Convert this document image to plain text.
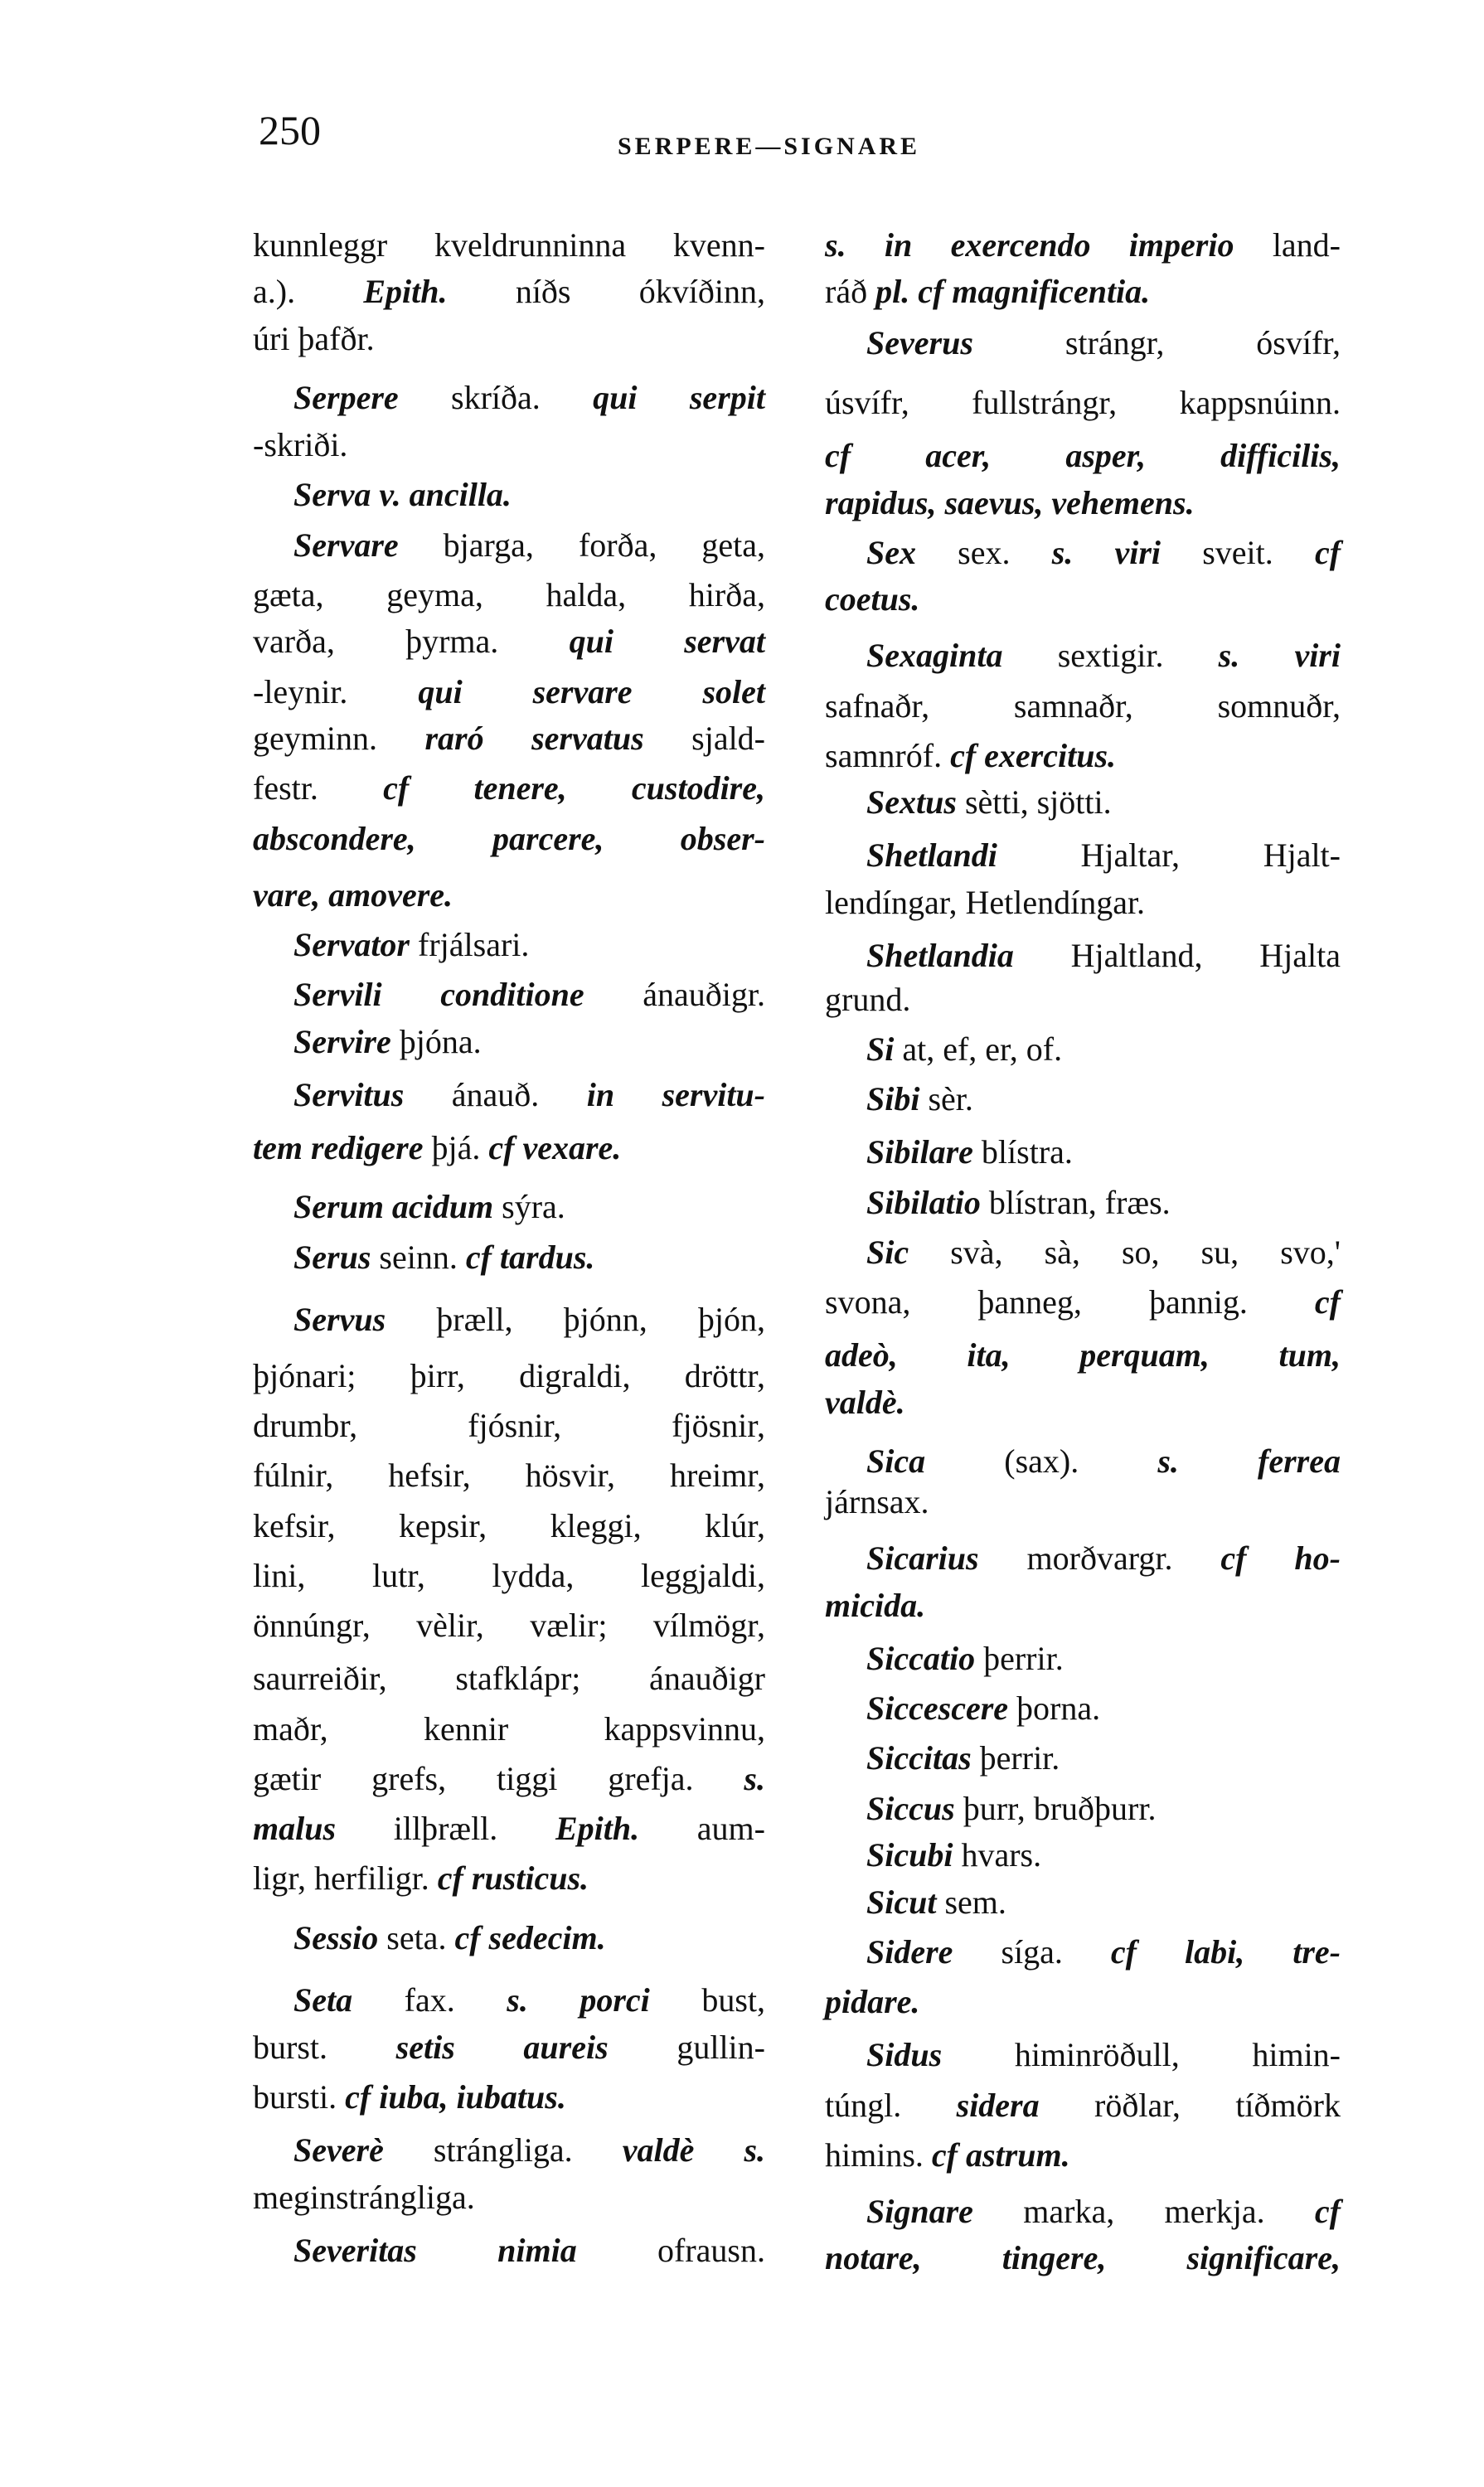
250	SERPERE—SIGNARE
kunnleggr kveldrunninna kvenn-
a.). Epith. níðs ókvíðinn,
úri þafðr.
Serpere skríða. qui serpit
-skriði.
Serva v. ancilla.
Servare bjarga, forða, geta,
gæta, geyma, halda, hirða,
varða, þyrma. qui servat
-leynir. qui servare solet
geyminn. raró servatus sjald-
festr. cf tenere, custodire,
abscondere, parcere, obser-
vare, amovere.
Servator frjálsari.
Servili conditione ánauðigr.
Servire þjóna.
Servitus ánauð. in servitu-
tem redigere þjá. cf vexare.
Serum acidum sýra.
Serus seinn. cf tardus.
Servus þræll, þjónn, þjón,
þjónari; þirr, digraldi, dröttr,
drumbr, fjósnir, fjösnir,
fúlnir, hefsir, hösvir, hreimr,
kefsir, kepsir, kleggi, klúr,
lini, lutr, lydda, leggjaldi,
önnúngr, vèlir, vælir; vílmögr,
saurreiðir, stafklápr; ánauðigr
maðr, kennir kappsvinnu,
gætir grefs, tiggi grefja. s.
malus illþræll. Epith. aum-
ligr, herfiligr. cf rusticus.
Sessio seta. cf sedecim.
Seta fax. s. porci bust,
burst. setis aureis gullin-
bursti. cf iuba, iubatus.
Severè strángliga. valdè s.
meginstrángliga.
Severitas nimia ofrausn.
s. in exercendo imperio land-
ráð pl. cf magnificentia.
Severus strángr, ósvífr,
úsvífr, fullstrángr, kappsnúinn.
cf acer, asper, difficilis,
rapidus, saevus, vehemens.
Sex sex. s. viri sveit. cf
coetus.
Sexaginta sextigir. s. viri
safnaðr, samnaðr, somnuðr,
samnróf. cf exercitus.
Sextus sètti, sjötti.
Shetlandi Hjaltar, Hjalt-
lendíngar, Hetlendíngar.
Shetlandia Hjaltland, Hjalta
grund.
Si at, ef, er, of.
Sibi sèr.
Sibilare blístra.
Sibilatio blístran, fræs.
Sic svà, sà, so, su, svo,'
svona, þanneg, þannig. cf
adeò, ita, perquam, tum,
valdè.
Sica (sax). s. ferrea
járnsax.
Sicarius morðvargr. cf ho-
micida.
Siccatio þerrir.
Siccescere þorna.
Siccitas þerrir.
Siccus þurr, bruðþurr.
Sicubi hvars.
Sicut sem.
Sidere síga. cf labi, tre-
pidare.
Sidus himinröðull, himin-
túngl. sidera röðlar, tíðmörk
himins. cf astrum.
Signare marka, merkja. cf
notare, tingere, significare,
